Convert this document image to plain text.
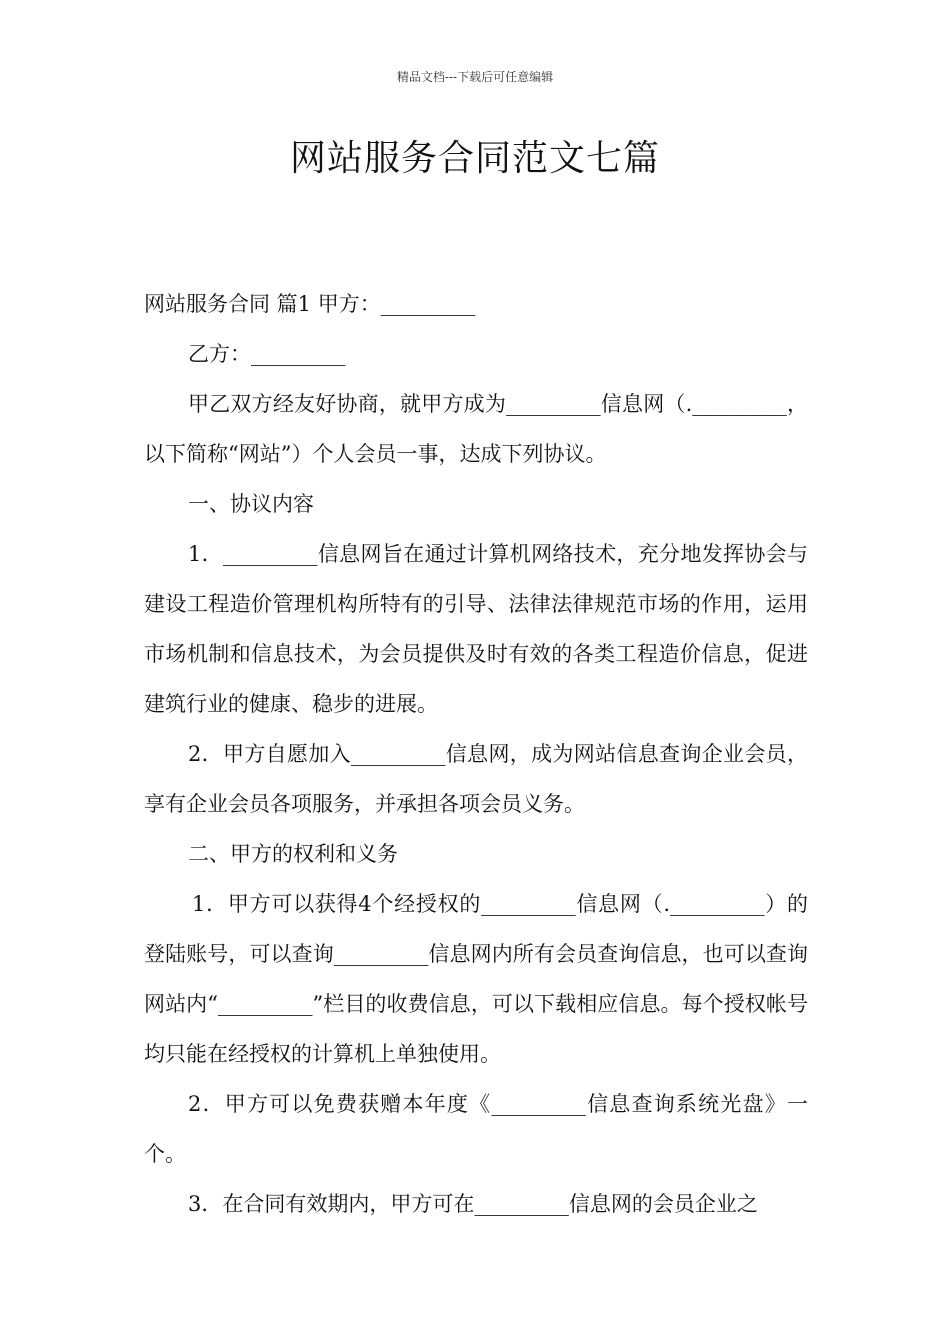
精品文档---下载后可任意编辑
网站服务合同范文七篇

网站服务合同 篇1 甲方：_________

乙方：_________

甲乙双方经友好协商，就甲方成为_________信息网（._________，以下简称“网站”）个人会员一事，达成下列协议。

一、协议内容

1．_________信息网旨在通过计算机网络技术，充分地发挥协会与建设工程造价管理机构所特有的引导、法律法律规范市场的作用，运用市场机制和信息技术，为会员提供及时有效的各类工程造价信息，促进建筑行业的健康、稳步的进展。

2．甲方自愿加入_________信息网，成为网站信息查询企业会员，享有企业会员各项服务，并承担各项会员义务。

二、甲方的权利和义务

1．甲方可以获得4个经授权的_________信息网（._________）的登陆账号，可以查询_________信息网内所有会员查询信息，也可以查询网站内“_________”栏目的收费信息，可以下载相应信息。每个授权帐号均只能在经授权的计算机上单独使用。

2．甲方可以免费获赠本年度《_________信息查询系统光盘》一个。

3．在合同有效期内，甲方可在_________信息网的会员企业之
